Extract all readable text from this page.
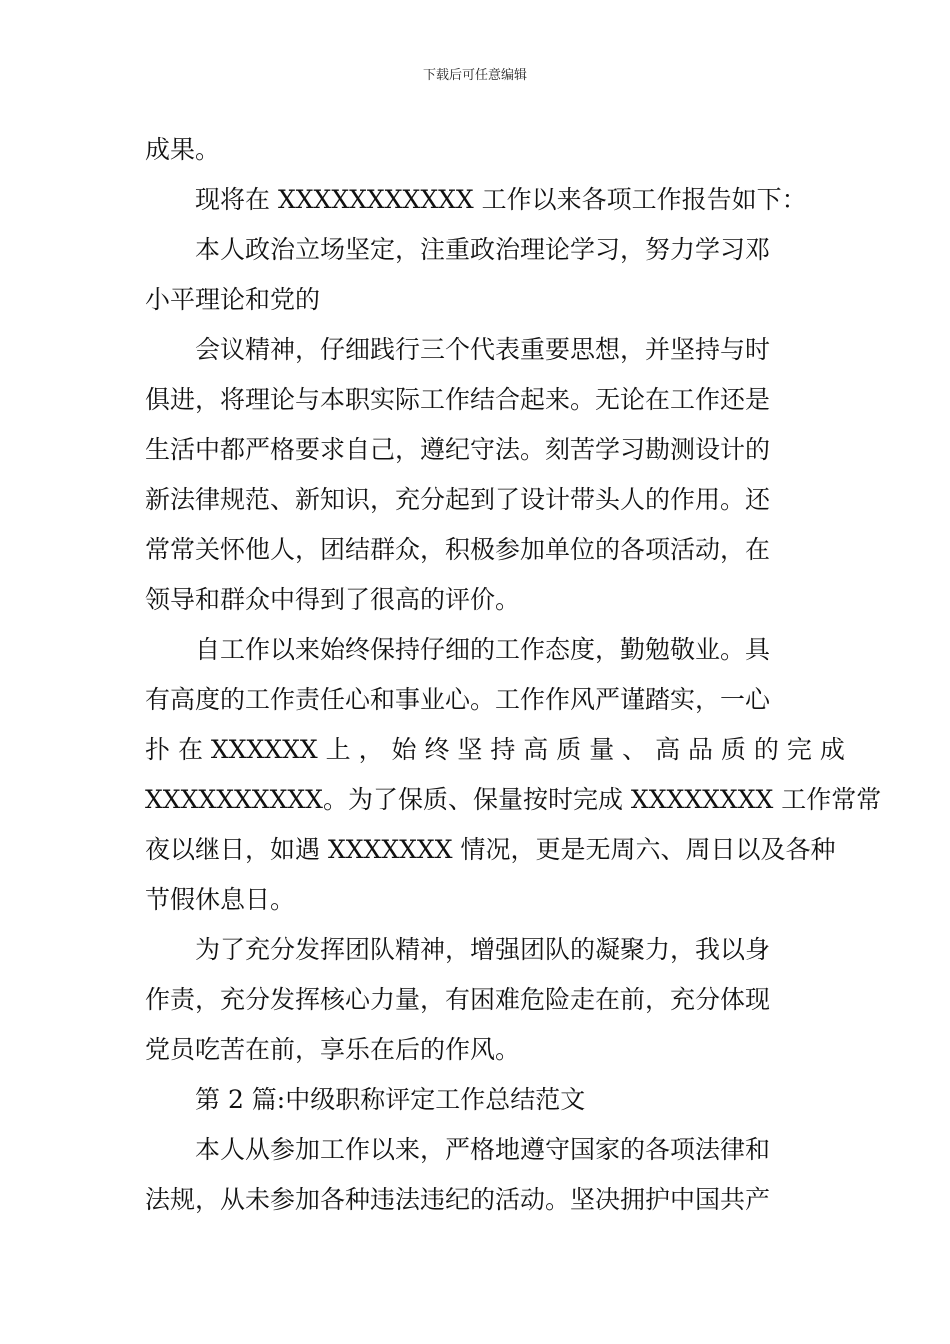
下载后可任意编辑
成果。
现将在 XXXXXXXXXXX 工作以来各项工作报告如下：
本人政治立场坚定，注重政治理论学习，努力学习邓
小平理论和党的
会议精神，仔细践行三个代表重要思想，并坚持与时
俱进，将理论与本职实际工作结合起来。无论在工作还是
生活中都严格要求自己，遵纪守法。刻苦学习勘测设计的
新法律规范、新知识，充分起到了设计带头人的作用。还
常常关怀他人，团结群众，积极参加单位的各项活动，在
领导和群众中得到了很高的评价。
自工作以来始终保持仔细的工作态度，勤勉敬业。具
有高度的工作责任心和事业心。工作作风严谨踏实，一心
扑 在 XXXXXX 上 ， 始 终 坚 持 高 质 量 、 高 品 质 的 完 成
XXXXXXXXXX。为了保质、保量按时完成 XXXXXXXX 工作常常
夜以继日，如遇 XXXXXXX 情况，更是无周六、周日以及各种
节假休息日。
为了充分发挥团队精神，增强团队的凝聚力，我以身
作责，充分发挥核心力量，有困难危险走在前，充分体现
党员吃苦在前，享乐在后的作风。
第 2 篇:中级职称评定工作总结范文
本人从参加工作以来，严格地遵守国家的各项法律和
法规，从未参加各种违法违纪的活动。坚决拥护中国共产
